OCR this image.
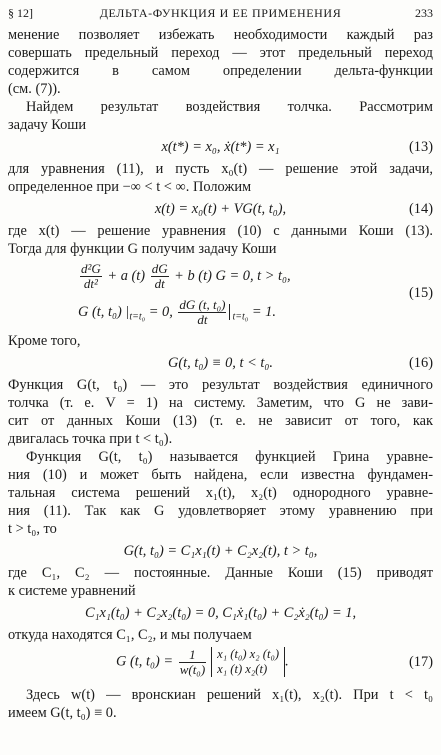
§ 12]	ДЕЛЬТА-ФУНКЦИЯ И ЕЕ ПРИМЕНЕНИЯ	233
менение позволяет избежать необходимости каждый раз
совершать предельный переход — этот предельный переход
содержится в самом определении дельта-функции
(см. (7)).
Найдем результат воздействия толчка. Рассмотрим
задачу Коши
x(t*) = x₀, ẋ(t*) = x₁	(13)
для уравнения (11), и пусть x₀(t) — решение этой задачи,
определенное при −∞ < t < ∞. Положим
x(t) = x₀(t) + VG(t, t₀),	(14)
где x(t) — решение уравнения (10) с данными Коши (13).
Тогда для функции G получим задачу Коши
$\frac{\text{d²G}}{\text{dt²}} + a$ $(t) \frac{dG}{dt} + b$ (t) G = 0, t > t₀,
G (t, t₀) $|_{t=t_0} = 0$, $\frac{\text{dG (t, t₀)}}{dt} _{t=t_0} = 1$.
(15)
Кроме того,
G(t, t₀) ≡ 0, t < t₀.	(16)
Функция G(t, t₀) — это результат воздействия единичного
толчка (т. е. V = 1) на систему. Заметим, что G не зави-
сит от данных Коши (13) (т. е. не зависит от того, как
двигалась точка при t < t₀).
Функция G(t, t₀) называется функцией Грина уравне-
ния (10) и может быть найдена, если известна фундамен-
тальная система решений x₁(t), x₂(t) однородного уравне-
ния (11). Так как G удовлетворяет этому уравнению при
t > t₀, то
G(t, t₀) = C₁x₁(t) + C₂x₂(t), t > t₀,
где C₁, C₂ — постоянные. Данные Коши (15) приводят
к системе уравнений
C₁x₁(t₀) + C₂x₂(t₀) = 0, C₁ẋ₁(t₀) + C₂ẋ₂(t₀) = 1,
откуда находятся C₁, C₂, и мы получаем
G (t, $t_0) = \frac{1}{\text{w(t₀)}} x_1$ (t₀) x₂ (t₀)
x₁ (t) x₂(t)	.	(17)
Здесь w(t) — вронскиан решений x₁(t), x₂(t). При t < t₀
имеем G(t, t₀) ≡ 0.
